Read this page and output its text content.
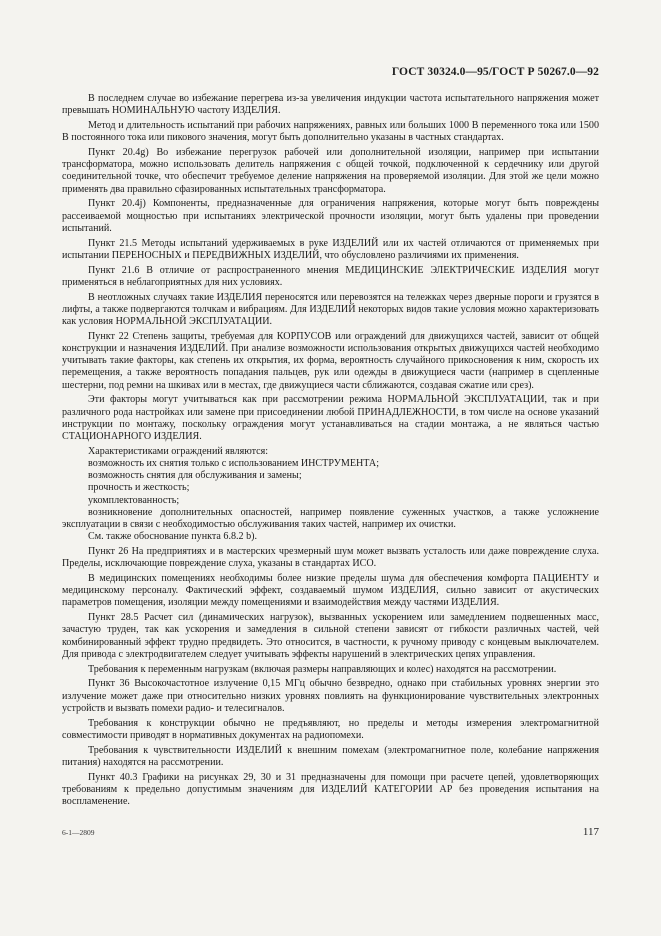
ГОСТ 30324.0—95/ГОСТ Р 50267.0—92

В последнем случае во избежание перегрева из-за увеличения индукции частота испытательного напряжения может превышать НОМИНАЛЬНУЮ частоту ИЗДЕЛИЯ.

Метод и длительность испытаний при рабочих напряжениях, равных или больших 1000 В переменного тока или 1500 В постоянного тока или пикового значения, могут быть дополнительно указаны в частных стандартах.

Пункт 20.4g) Во избежание перегрузок рабочей или дополнительной изоляции, например при испытании трансформатора, можно использовать делитель напряжения с общей точкой, подключенной к сердечнику или другой соединительной точке, что обеспечит требуемое деление напряжения на проверяемой изоляции. Для этой же цели можно применять два правильно сфазированных испытательных трансформатора.

Пункт 20.4j) Компоненты, предназначенные для ограничения напряжения, которые могут быть повреждены рассеиваемой мощностью при испытаниях электрической прочности изоляции, могут быть удалены при проведении испытаний.

Пункт 21.5 Методы испытаний удерживаемых в руке ИЗДЕЛИЙ или их частей отличаются от применяемых при испытании ПЕРЕНОСНЫХ и ПЕРЕДВИЖНЫХ ИЗДЕЛИЙ, что обусловлено различиями их применения.

Пункт 21.6 В отличие от распространенного мнения МЕДИЦИНСКИЕ ЭЛЕКТРИЧЕСКИЕ ИЗДЕЛИЯ могут применяться в неблагоприятных для них условиях.

В неотложных случаях такие ИЗДЕЛИЯ переносятся или перевозятся на тележках через дверные пороги и грузятся в лифты, а также подвергаются толчкам и вибрациям. Для ИЗДЕЛИЙ некоторых видов такие условия можно характеризовать как условия НОРМАЛЬНОЙ ЭКСПЛУАТАЦИИ.

Пункт 22 Степень защиты, требуемая для КОРПУСОВ или ограждений для движущихся частей, зависит от общей конструкции и назначения ИЗДЕЛИЙ. При анализе возможности использования открытых движущихся частей необходимо учитывать такие факторы, как степень их открытия, их форма, вероятность случайного прикосновения к ним, скорость их перемещения, а также вероятность попадания пальцев, рук или одежды в движущиеся части (например в сцепленные шестерни, под ремни на шкивах или в местах, где движущиеся части сближаются, создавая сжатие или срез).

Эти факторы могут учитываться как при рассмотрении режима НОРМАЛЬНОЙ ЭКСПЛУАТАЦИИ, так и при различного рода настройках или замене при присоединении любой ПРИНАДЛЕЖНОСТИ, в том числе на основе указаний инструкции по монтажу, поскольку ограждения могут устанавливаться на стадии монтажа, а не являться частью СТАЦИОНАРНОГО ИЗДЕЛИЯ.

Характеристиками ограждений являются:

возможность их снятия только с использованием ИНСТРУМЕНТА;

возможность снятия для обслуживания и замены;

прочность и жесткость;

укомплектованность;

возникновение дополнительных опасностей, например появление суженных участков, а также усложнение эксплуатации в связи с необходимостью обслуживания таких частей, например их очистки.

См. также обоснование пункта 6.8.2 b).

Пункт 26 На предприятиях и в мастерских чрезмерный шум может вызвать усталость или даже повреждение слуха. Пределы, исключающие повреждение слуха, указаны в стандартах ИСО.

В медицинских помещениях необходимы более низкие пределы шума для обеспечения комфорта ПАЦИЕНТУ и медицинскому персоналу. Фактический эффект, создаваемый шумом ИЗДЕЛИЯ, сильно зависит от акустических параметров помещения, изоляции между помещениями и взаимодействия между частями ИЗДЕЛИЯ.

Пункт 28.5 Расчет сил (динамических нагрузок), вызванных ускорением или замедлением подвешенных масс, зачастую труден, так как ускорения и замедления в сильной степени зависят от гибкости различных частей, чей комбинированный эффект трудно предвидеть. Это относится, в частности, к ручному приводу с концевым выключателем. Для привода с электродвигателем следует учитывать эффекты нарушений в электрических цепях управления.

Требования к переменным нагрузкам (включая размеры направляющих и колес) находятся на рассмотрении.

Пункт 36 Высокочастотное излучение 0,15 МГц обычно безвредно, однако при стабильных уровнях энергии это излучение может даже при относительно низких уровнях повлиять на функционирование чувствительных электронных устройств и вызвать помехи радио- и телесигналов.

Требования к конструкции обычно не предъявляют, но пределы и методы измерения электромагнитной совместимости приводят в нормативных документах на радиопомехи.

Требования к чувствительности ИЗДЕЛИЙ к внешним помехам (электромагнитное поле, колебание напряжения питания) находятся на рассмотрении.

Пункт 40.3 Графики на рисунках 29, 30 и 31 предназначены для помощи при расчете цепей, удовлетворяющих требованиям к предельно допустимым значениям для ИЗДЕЛИЙ КАТЕГОРИИ АР без проведения испытания на воспламенение.

6-1—2809	117
